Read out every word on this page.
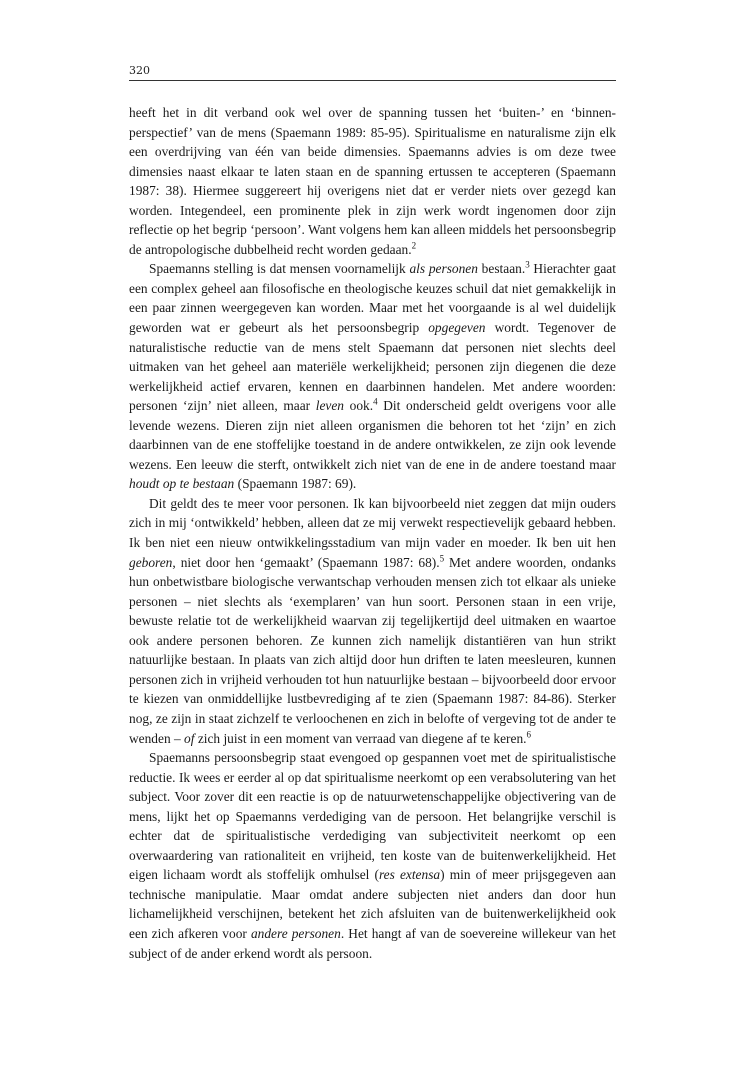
320

heeft het in dit verband ook wel over de spanning tussen het ‘buiten-’ en ‘binnen-perspectief’ van de mens (Spaemann 1989: 85-95). Spiritualisme en naturalisme zijn elk een overdrijving van één van beide dimensies. Spaemanns advies is om deze twee dimensies naast elkaar te laten staan en de spanning ertussen te accepteren (Spaemann 1987: 38). Hiermee suggereert hij overigens niet dat er verder niets over gezegd kan worden. Integendeel, een prominente plek in zijn werk wordt ingenomen door zijn reflectie op het begrip ‘persoon’. Want volgens hem kan alleen middels het persoonsbegrip de antropologische dubbelheid recht worden gedaan.$^2$

Spaemanns stelling is dat mensen voornamelijk als personen bestaan.$^3$ Hierachter gaat een complex geheel aan filosofische en theologische keuzes schuil dat niet gemakkelijk in een paar zinnen weergegeven kan worden. Maar met het voorgaande is al wel duidelijk geworden wat er gebeurt als het persoonsbegrip opgegeven wordt. Tegenover de naturalistische reductie van de mens stelt Spaemann dat personen niet slechts deel uitmaken van het geheel aan materiële werkelijkheid; personen zijn diegenen die deze werkelijkheid actief ervaren, kennen en daarbinnen handelen. Met andere woorden: personen ‘zijn’ niet alleen, maar leven ook.$^4$ Dit onderscheid geldt overigens voor alle levende wezens. Dieren zijn niet alleen organismen die behoren tot het ‘zijn’ en zich daarbinnen van de ene stoffelijke toestand in de andere ontwikkelen, ze zijn ook levende wezens. Een leeuw die sterft, ontwikkelt zich niet van de ene in de andere toestand maar houdt op te bestaan (Spaemann 1987: 69).

Dit geldt des te meer voor personen. Ik kan bijvoorbeeld niet zeggen dat mijn ouders zich in mij ‘ontwikkeld’ hebben, alleen dat ze mij verwekt respectievelijk gebaard hebben. Ik ben niet een nieuw ontwikkelingsstadium van mijn vader en moeder. Ik ben uit hen geboren, niet door hen ‘gemaakt’ (Spaemann 1987: 68).$^5$ Met andere woorden, ondanks hun onbetwistbare biologische verwantschap verhouden mensen zich tot elkaar als unieke personen – niet slechts als ‘exemplaren’ van hun soort. Personen staan in een vrije, bewuste relatie tot de werkelijkheid waarvan zij tegelijkertijd deel uitmaken en waartoe ook andere personen behoren. Ze kunnen zich namelijk distantiëren van hun strikt natuurlijke bestaan. In plaats van zich altijd door hun driften te laten meesleuren, kunnen personen zich in vrijheid verhouden tot hun natuurlijke bestaan – bijvoorbeeld door ervoor te kiezen van onmiddellijke lustbevrediging af te zien (Spaemann 1987: 84-86). Sterker nog, ze zijn in staat zichzelf te verloochenen en zich in belofte of vergeving tot de ander te wenden – of zich juist in een moment van verraad van diegene af te keren.$^6$

Spaemanns persoonsbegrip staat evengoed op gespannen voet met de spiritualistische reductie. Ik wees er eerder al op dat spiritualisme neerkomt op een verabsolutering van het subject. Voor zover dit een reactie is op de natuurwetenschappelijke objectivering van de mens, lijkt het op Spaemanns verdediging van de persoon. Het belangrijke verschil is echter dat de spiritualistische verdediging van subjectiviteit neerkomt op een overwaardering van rationaliteit en vrijheid, ten koste van de buitenwerkelijkheid. Het eigen lichaam wordt als stoffelijk omhulsel (res extensa) min of meer prijsgegeven aan technische manipulatie. Maar omdat andere subjecten niet anders dan door hun lichamelijkheid verschijnen, betekent het zich afsluiten van de buitenwerkelijkheid ook een zich afkeren voor andere personen. Het hangt af van de soevereine willekeur van het subject of de ander erkend wordt als persoon.
